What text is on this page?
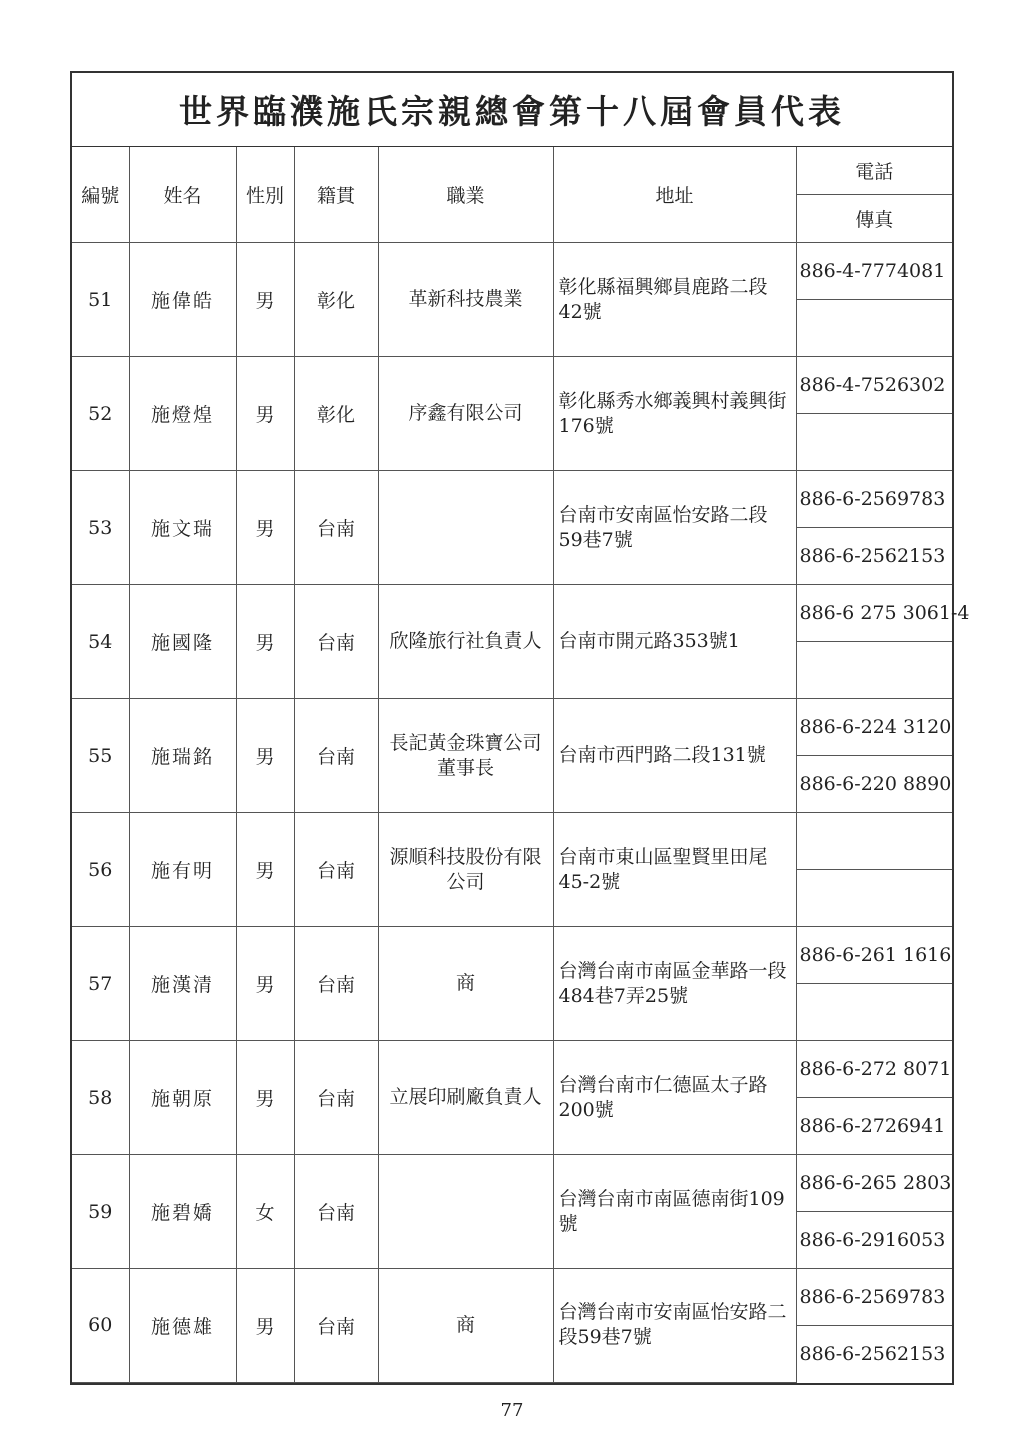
世界臨濮施氏宗親總會第十八屆會員代表
編號	姓名	性別	籍貫	職業	地址	電話
						傳真
51	施偉皓	男	彰化	革新科技農業	彰化縣福興鄉員鹿路二段42號	886-4-7774081

52	施燈煌	男	彰化	序鑫有限公司	彰化縣秀水鄉義興村義興街176號	886-4-7526302

53	施文瑞	男	台南		台南市安南區怡安路二段59巷7號	886-6-2569783
						886-6-2562153
54	施國隆	男	台南	欣隆旅行社負責人	台南市開元路353號1	886-6 275 3061-4

55	施瑞銘	男	台南	長記黃金珠寶公司董事長	台南市西門路二段131號	886-6-224 3120
						886-6-220 8890
56	施有明	男	台南	源順科技股份有限公司	台南市東山區聖賢里田尾45-2號	

57	施漢清	男	台南	商	台灣台南市南區金華路一段484巷7弄25號	886-6-261 1616

58	施朝原	男	台南	立展印刷廠負責人	台灣台南市仁德區太子路200號	886-6-272 8071
						886-6-2726941
59	施碧嬌	女	台南		台灣台南市南區德南街109號	886-6-265 2803
						886-6-2916053
60	施德雄	男	台南	商	台灣台南市安南區怡安路二段59巷7號	886-6-2569783
						886-6-2562153
77
